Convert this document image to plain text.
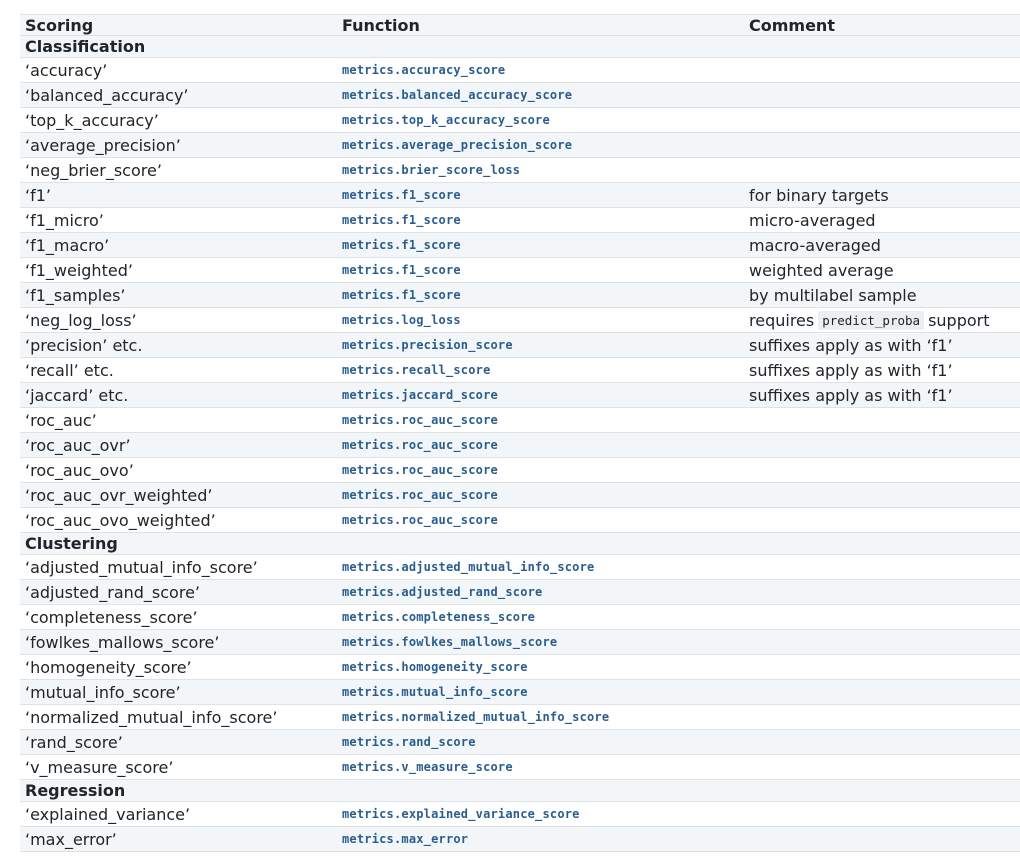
Scoring	Function	Comment
Classification
‘accuracy’	metrics.accuracy_score
‘balanced_accuracy’	metrics.balanced_accuracy_score
‘top_k_accuracy’	metrics.top_k_accuracy_score
‘average_precision’	metrics.average_precision_score
‘neg_brier_score’	metrics.brier_score_loss
‘f1’	metrics.f1_score	for binary targets
‘f1_micro’	metrics.f1_score	micro-averaged
‘f1_macro’	metrics.f1_score	macro-averaged
‘f1_weighted’	metrics.f1_score	weighted average
‘f1_samples’	metrics.f1_score	by multilabel sample
‘neg_log_loss’	metrics.log_loss	requires predict_proba support
‘precision’ etc.	metrics.precision_score	suffixes apply as with ‘f1’
‘recall’ etc.	metrics.recall_score	suffixes apply as with ‘f1’
‘jaccard’ etc.	metrics.jaccard_score	suffixes apply as with ‘f1’
‘roc_auc’	metrics.roc_auc_score
‘roc_auc_ovr’	metrics.roc_auc_score
‘roc_auc_ovo’	metrics.roc_auc_score
‘roc_auc_ovr_weighted’	metrics.roc_auc_score
‘roc_auc_ovo_weighted’	metrics.roc_auc_score
Clustering
‘adjusted_mutual_info_score’	metrics.adjusted_mutual_info_score
‘adjusted_rand_score’	metrics.adjusted_rand_score
‘completeness_score’	metrics.completeness_score
‘fowlkes_mallows_score’	metrics.fowlkes_mallows_score
‘homogeneity_score’	metrics.homogeneity_score
‘mutual_info_score’	metrics.mutual_info_score
‘normalized_mutual_info_score’	metrics.normalized_mutual_info_score
‘rand_score’	metrics.rand_score
‘v_measure_score’	metrics.v_measure_score
Regression
‘explained_variance’	metrics.explained_variance_score
‘max_error’	metrics.max_error
